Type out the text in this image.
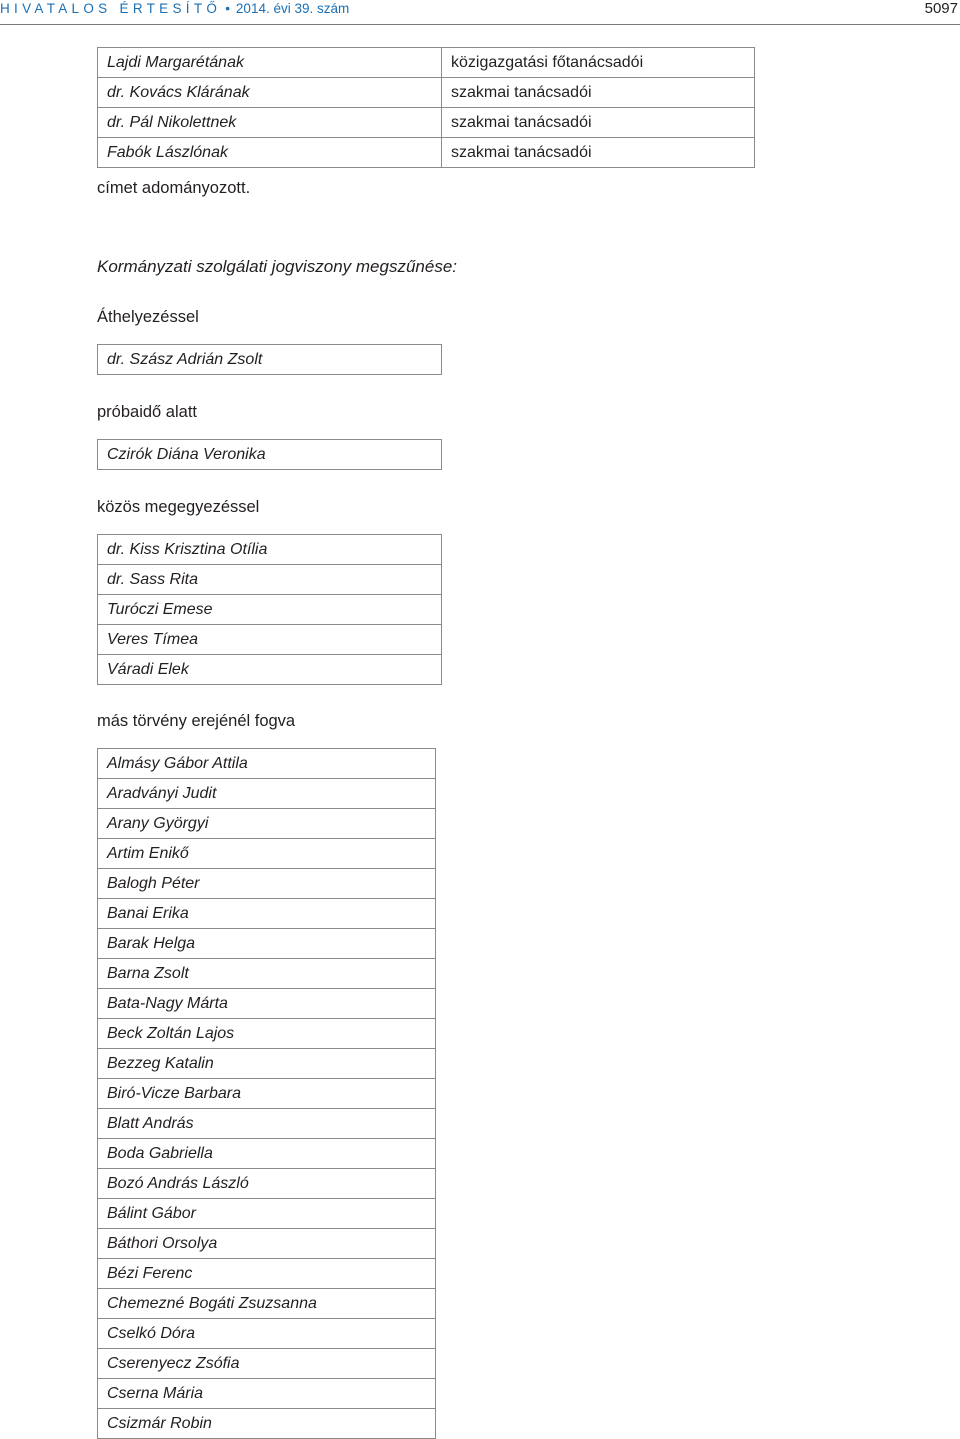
HIVATALOS ÉRTESÍTŐ • 2014. évi 39. szám	5097
Lajdi Margarétának	közigazgatási főtanácsadói
dr. Kovács Klárának	szakmai tanácsadói
dr. Pál Nikolettnek	szakmai tanácsadói
Fabók Lászlónak	szakmai tanácsadói
címet adományozott.
Kormányzati szolgálati jogviszony megszűnése:
Áthelyezéssel
dr. Szász Adrián Zsolt
próbaidő alatt
Czirók Diána Veronika
közös megegyezéssel
dr. Kiss Krisztina Otília
dr. Sass Rita
Turóczi Emese
Veres Tímea
Váradi Elek
más törvény erejénél fogva
Almásy Gábor Attila
Aradványi Judit
Arany Györgyi
Artim Enikő
Balogh Péter
Banai Erika
Barak Helga
Barna Zsolt
Bata-Nagy Márta
Beck Zoltán Lajos
Bezzeg Katalin
Biró-Vicze Barbara
Blatt András
Boda Gabriella
Bozó András László
Bálint Gábor
Báthori Orsolya
Bézi Ferenc
Chemezné Bogáti Zsuzsanna
Cselkó Dóra
Cserenyecz Zsófia
Cserna Mária
Csizmár Robin
